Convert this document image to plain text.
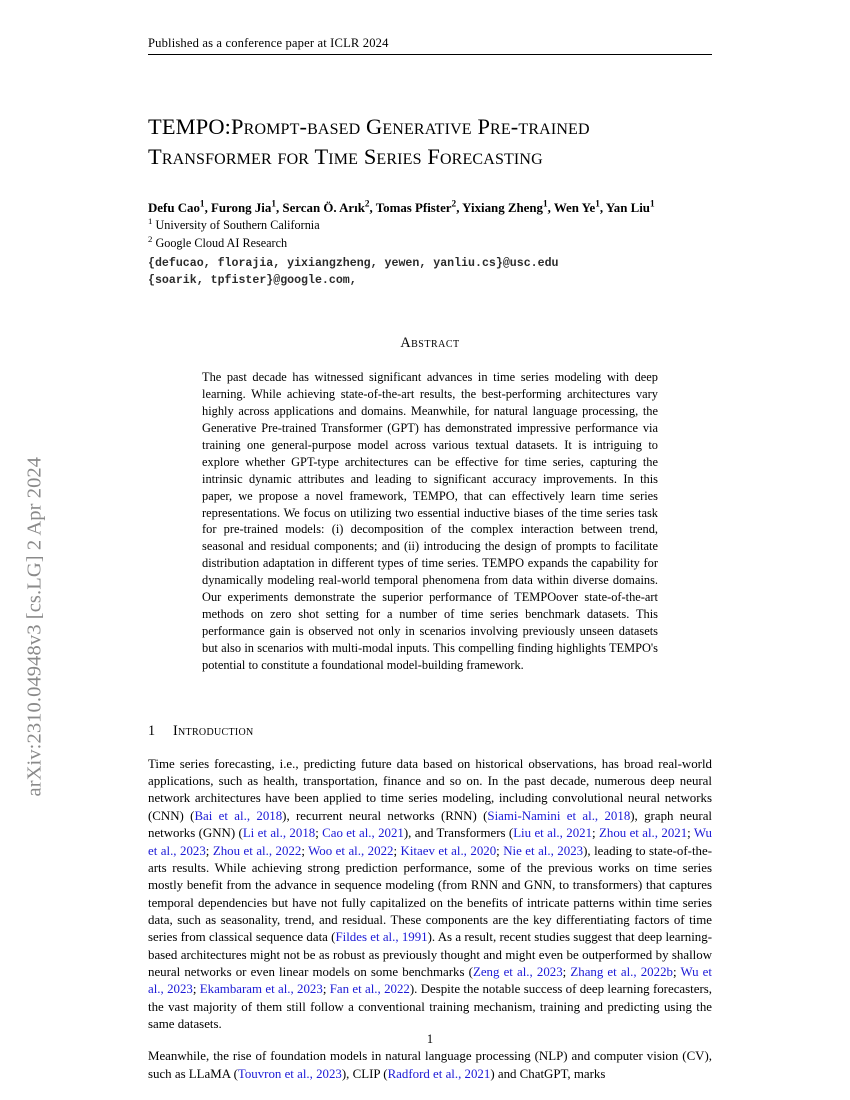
arXiv:2310.04948v3 [cs.LG] 2 Apr 2024
Published as a conference paper at ICLR 2024
TEMPO:Prompt-based Generative Pre-trained
Transformer for Time Series Forecasting
Defu Cao$^1$, Furong Jia$^1$, Sercan Ö. Arık$^2$, Tomas Pfister$^2$, Yixiang Zheng$^1$, Wen Ye$^1$, Yan Liu$^1$
$^1$ University of Southern California
$^2$ Google Cloud AI Research
{defucao, florajia, yixiangzheng, yewen, yanliu.cs}@usc.edu
{soarik, tpfister}@google.com,
Abstract
The past decade has witnessed significant advances in time series modeling with deep learning. While achieving state-of-the-art results, the best-performing architectures vary highly across applications and domains. Meanwhile, for natural language processing, the Generative Pre-trained Transformer (GPT) has demonstrated impressive performance via training one general-purpose model across various textual datasets. It is intriguing to explore whether GPT-type architectures can be effective for time series, capturing the intrinsic dynamic attributes and leading to significant accuracy improvements. In this paper, we propose a novel framework, TEMPO, that can effectively learn time series representations. We focus on utilizing two essential inductive biases of the time series task for pre-trained models: (i) decomposition of the complex interaction between trend, seasonal and residual components; and (ii) introducing the design of prompts to facilitate distribution adaptation in different types of time series. TEMPO expands the capability for dynamically modeling real-world temporal phenomena from data within diverse domains. Our experiments demonstrate the superior performance of TEMPOover state-of-the-art methods on zero shot setting for a number of time series benchmark datasets. This performance gain is observed not only in scenarios involving previously unseen datasets but also in scenarios with multi-modal inputs. This compelling finding highlights TEMPO's potential to constitute a foundational model-building framework.
1 Introduction
Time series forecasting, i.e., predicting future data based on historical observations, has broad real-world applications, such as health, transportation, finance and so on. In the past decade, numerous deep neural network architectures have been applied to time series modeling, including convolutional neural networks (CNN) (Bai et al., 2018), recurrent neural networks (RNN) (Siami-Namini et al., 2018), graph neural networks (GNN) (Li et al., 2018; Cao et al., 2021), and Transformers (Liu et al., 2021; Zhou et al., 2021; Wu et al., 2023; Zhou et al., 2022; Woo et al., 2022; Kitaev et al., 2020; Nie et al., 2023), leading to state-of-the-arts results. While achieving strong prediction performance, some of the previous works on time series mostly benefit from the advance in sequence modeling (from RNN and GNN, to transformers) that captures temporal dependencies but have not fully capitalized on the benefits of intricate patterns within time series data, such as seasonality, trend, and residual. These components are the key differentiating factors of time series from classical sequence data (Fildes et al., 1991). As a result, recent studies suggest that deep learning-based architectures might not be as robust as previously thought and might even be outperformed by shallow neural networks or even linear models on some benchmarks (Zeng et al., 2023; Zhang et al., 2022b; Wu et al., 2023; Ekambaram et al., 2023; Fan et al., 2022). Despite the notable success of deep learning forecasters, the vast majority of them still follow a conventional training mechanism, training and predicting using the same datasets.
Meanwhile, the rise of foundation models in natural language processing (NLP) and computer vision (CV), such as LLaMA (Touvron et al., 2023), CLIP (Radford et al., 2021) and ChatGPT, marks
1
